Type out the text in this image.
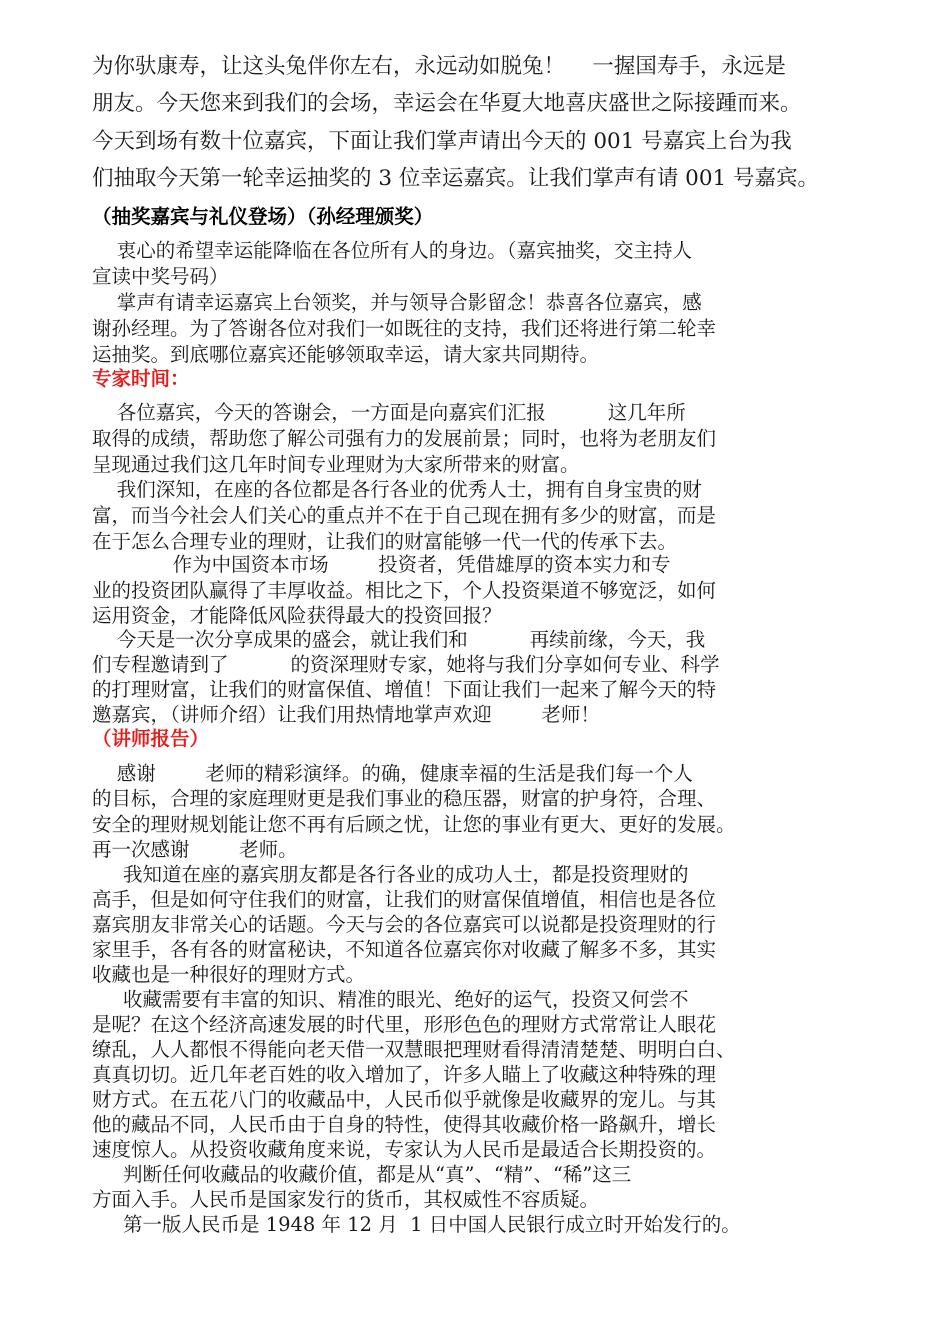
为你驮康寿，让这头兔伴你左右，永远动如脱兔！    一握国寿手，永远是

朋友。今天您来到我们的会场，幸运会在华夏大地喜庆盛世之际接踵而来。

今天到场有数十位嘉宾，下面让我们掌声请出今天的 001 号嘉宾上台为我

们抽取今天第一轮幸运抽奖的 3 位幸运嘉宾。让我们掌声有请 001 号嘉宾。

（抽奖嘉宾与礼仪登场）（孙经理颁奖）

衷心的希望幸运能降临在各位所有人的身边。（嘉宾抽奖，交主持人

宣读中奖号码）

掌声有请幸运嘉宾上台领奖，并与领导合影留念！恭喜各位嘉宾，感

谢孙经理。为了答谢各位对我们一如既往的支持，我们还将进行第二轮幸

运抽奖。到底哪位嘉宾还能够领取幸运，请大家共同期待。

专家时间：

各位嘉宾，今天的答谢会，一方面是向嘉宾们汇报          这几年所

取得的成绩，帮助您了解公司强有力的发展前景；同时，也将为老朋友们

呈现通过我们这几年时间专业理财为大家所带来的财富。

我们深知，在座的各位都是各行各业的优秀人士，拥有自身宝贵的财

富，而当今社会人们关心的重点并不在于自己现在拥有多少的财富，而是

在于怎么合理专业的理财，让我们的财富能够一代一代的传承下去。

作为中国资本市场        投资者，凭借雄厚的资本实力和专

业的投资团队赢得了丰厚收益。相比之下，个人投资渠道不够宽泛，如何

运用资金，才能降低风险获得最大的投资回报？

今天是一次分享成果的盛会，就让我们和          再续前缘，今天，我

们专程邀请到了          的资深理财专家，她将与我们分享如何专业、科学

的打理财富，让我们的财富保值、增值！下面让我们一起来了解今天的特

邀嘉宾，（讲师介绍）让我们用热情地掌声欢迎        老师！

（讲师报告）

感谢        老师的精彩演绎。的确，健康幸福的生活是我们每一个人

的目标，合理的家庭理财更是我们事业的稳压器，财富的护身符，合理、

安全的理财规划能让您不再有后顾之忧，让您的事业有更大、更好的发展。

再一次感谢        老师。

我知道在座的嘉宾朋友都是各行各业的成功人士，都是投资理财的

高手，但是如何守住我们的财富，让我们的财富保值增值，相信也是各位

嘉宾朋友非常关心的话题。今天与会的各位嘉宾可以说都是投资理财的行

家里手，各有各的财富秘诀，不知道各位嘉宾你对收藏了解多不多，其实

收藏也是一种很好的理财方式。

收藏需要有丰富的知识、精准的眼光、绝好的运气，投资又何尝不

是呢？在这个经济高速发展的时代里，形形色色的理财方式常常让人眼花

缭乱，人人都恨不得能向老天借一双慧眼把理财看得清清楚楚、明明白白、

真真切切。近几年老百姓的收入增加了，许多人瞄上了收藏这种特殊的理

财方式。在五花八门的收藏品中，人民币似乎就像是收藏界的宠儿。与其

他的藏品不同，人民币由于自身的特性，使得其收藏价格一路飙升，增长

速度惊人。从投资收藏角度来说，专家认为人民币是最适合长期投资的。

判断任何收藏品的收藏价值，都是从“真”、“精”、“稀”这三

方面入手。人民币是国家发行的货币，其权威性不容质疑。

第一版人民币是 1948 年 12 月  1 日中国人民银行成立时开始发行的。
